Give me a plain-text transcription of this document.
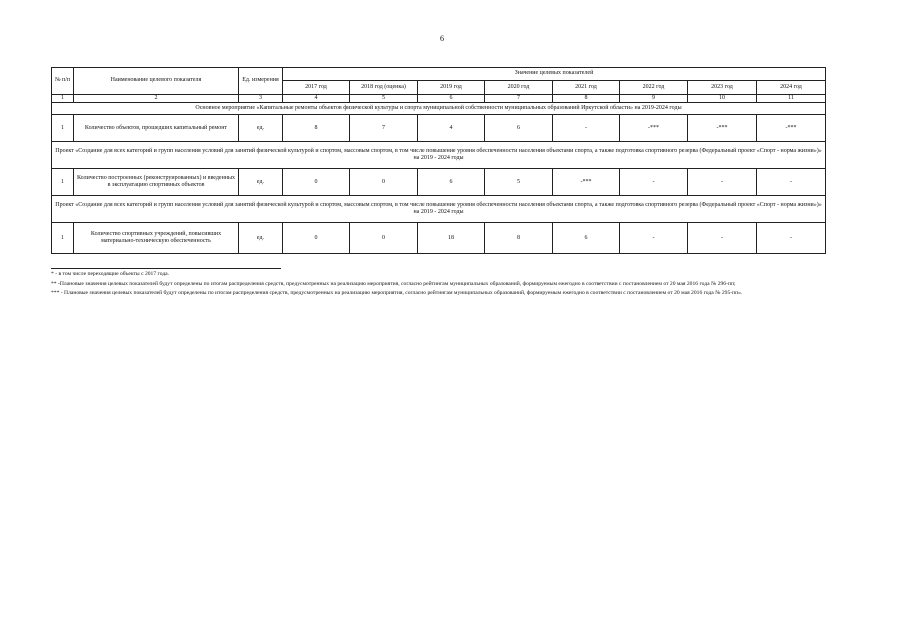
6
№ п/п	Наименование целевого показателя	Ед. измерения	Значение целевых показателей							
			2017 год	2018 год (оценка)	2019 год	2020 год	2021 год	2022 год	2023 год	2024 год
1	2	3	4	5	6	7	8	9	10	11
Основное мероприятие «Капитальные ремонты объектов физической культуры и спорта муниципальной собственности муниципальных образований Иркутской области» на 2019-2024 годы										
1	Количество объектов, прошедших капитальный ремонт	ед.	8	7	4	6	-	-***	-***	-***
Проект «Создание для всех категорий и групп населения условий для занятий физической культурой и спортом, массовым спортом, в том числе повышение уровня обеспеченности населения объектами спорта, а также подготовка спортивного резерва (Федеральный проект «Спорт - норма жизни»)» на 2019 - 2024 годы										
1	Количество построенных (реконструированных) и введенных в эксплуатацию спортивных объектов	ед.	0	0	6	5	-***	-	-	-
Проект «Создание для всех категорий и групп населения условий для занятий физической культурой и спортом, массовым спортом, в том числе повышение уровня обеспеченности населения объектами спорта, а также подготовка спортивного резерва (Федеральный проект «Спорт - норма жизни»)» на 2019 - 2024 годы										
1	Количество спортивных учреждений, повысивших материально-техническую обеспеченность	ед.	0	0	18	8	6	-	-	-

* - в том числе переходящие объекты с 2017 года.

** -Плановые значения целевых показателей будут определены по итогам распределения средств, предусмотренных на реализацию мероприятия, согласно рейтингам муниципальных образований, формируемым ежегодно в соответствии с постановлением от 20 мая 2016 года № 296-пп;

*** - Плановые значения целевых показателей будут определены по итогам распределения средств, предусмотренных на реализацию мероприятия, согласно рейтингам муниципальных образований, формируемым ежегодно в соответствии с постановлением от 20 мая 2016 года № 295-пп».
